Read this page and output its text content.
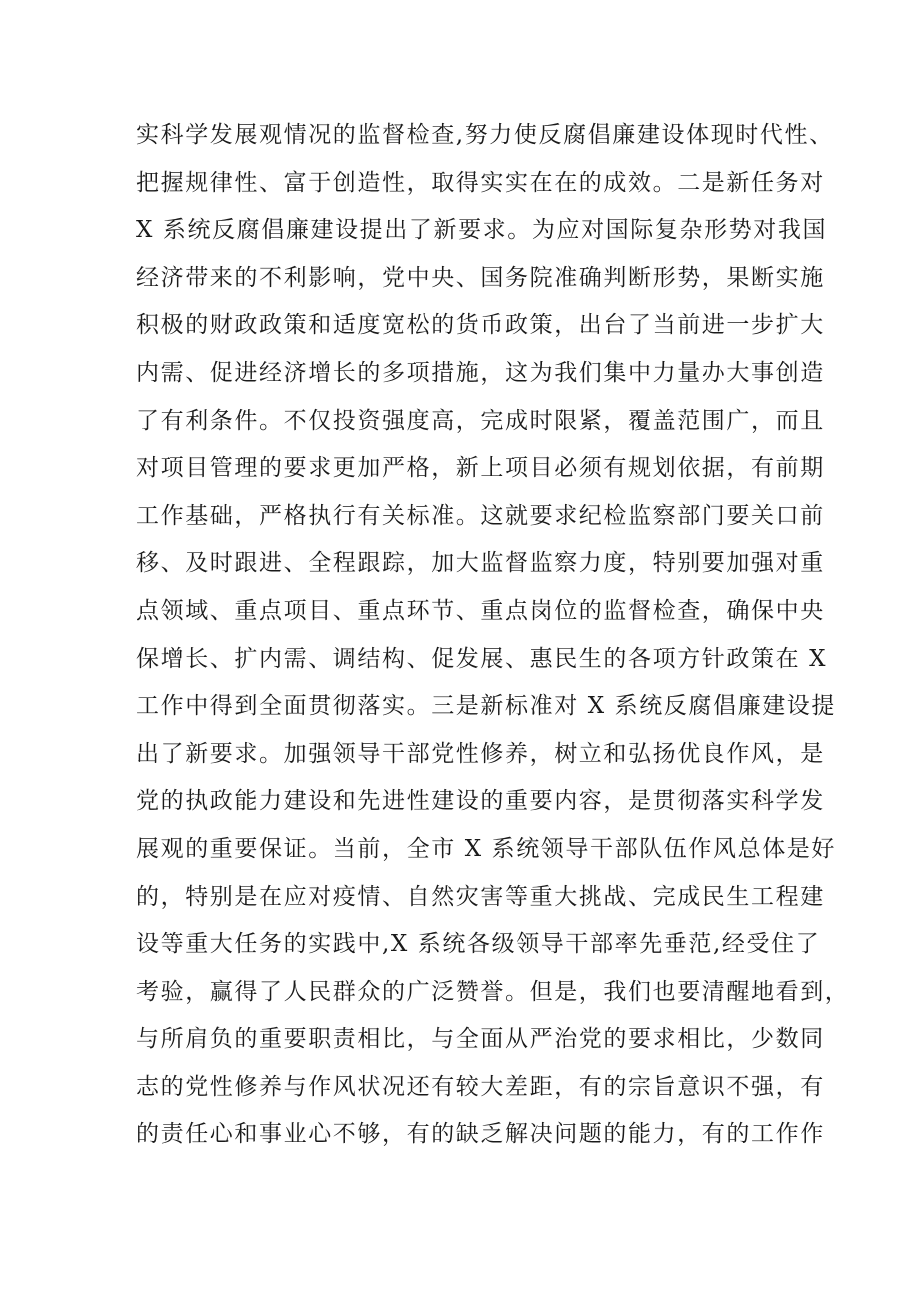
实科学发展观情况的监督检查,努力使反腐倡廉建设体现时代性、
把握规律性、富于创造性，取得实实在在的成效。二是新任务对
X 系统反腐倡廉建设提出了新要求。为应对国际复杂形势对我国
经济带来的不利影响，党中央、国务院准确判断形势，果断实施
积极的财政政策和适度宽松的货币政策，出台了当前进一步扩大
内需、促进经济增长的多项措施，这为我们集中力量办大事创造
了有利条件。不仅投资强度高，完成时限紧，覆盖范围广，而且
对项目管理的要求更加严格，新上项目必须有规划依据，有前期
工作基础，严格执行有关标准。这就要求纪检监察部门要关口前
移、及时跟进、全程跟踪，加大监督监察力度，特别要加强对重
点领域、重点项目、重点环节、重点岗位的监督检查，确保中央
保增长、扩内需、调结构、促发展、惠民生的各项方针政策在 X
工作中得到全面贯彻落实。三是新标准对 X 系统反腐倡廉建设提
出了新要求。加强领导干部党性修养，树立和弘扬优良作风，是
党的执政能力建设和先进性建设的重要内容，是贯彻落实科学发
展观的重要保证。当前，全市 X 系统领导干部队伍作风总体是好
的，特别是在应对疫情、自然灾害等重大挑战、完成民生工程建
设等重大任务的实践中,X 系统各级领导干部率先垂范,经受住了
考验，赢得了人民群众的广泛赞誉。但是，我们也要清醒地看到，
与所肩负的重要职责相比，与全面从严治党的要求相比，少数同
志的党性修养与作风状况还有较大差距，有的宗旨意识不强，有
的责任心和事业心不够，有的缺乏解决问题的能力，有的工作作
